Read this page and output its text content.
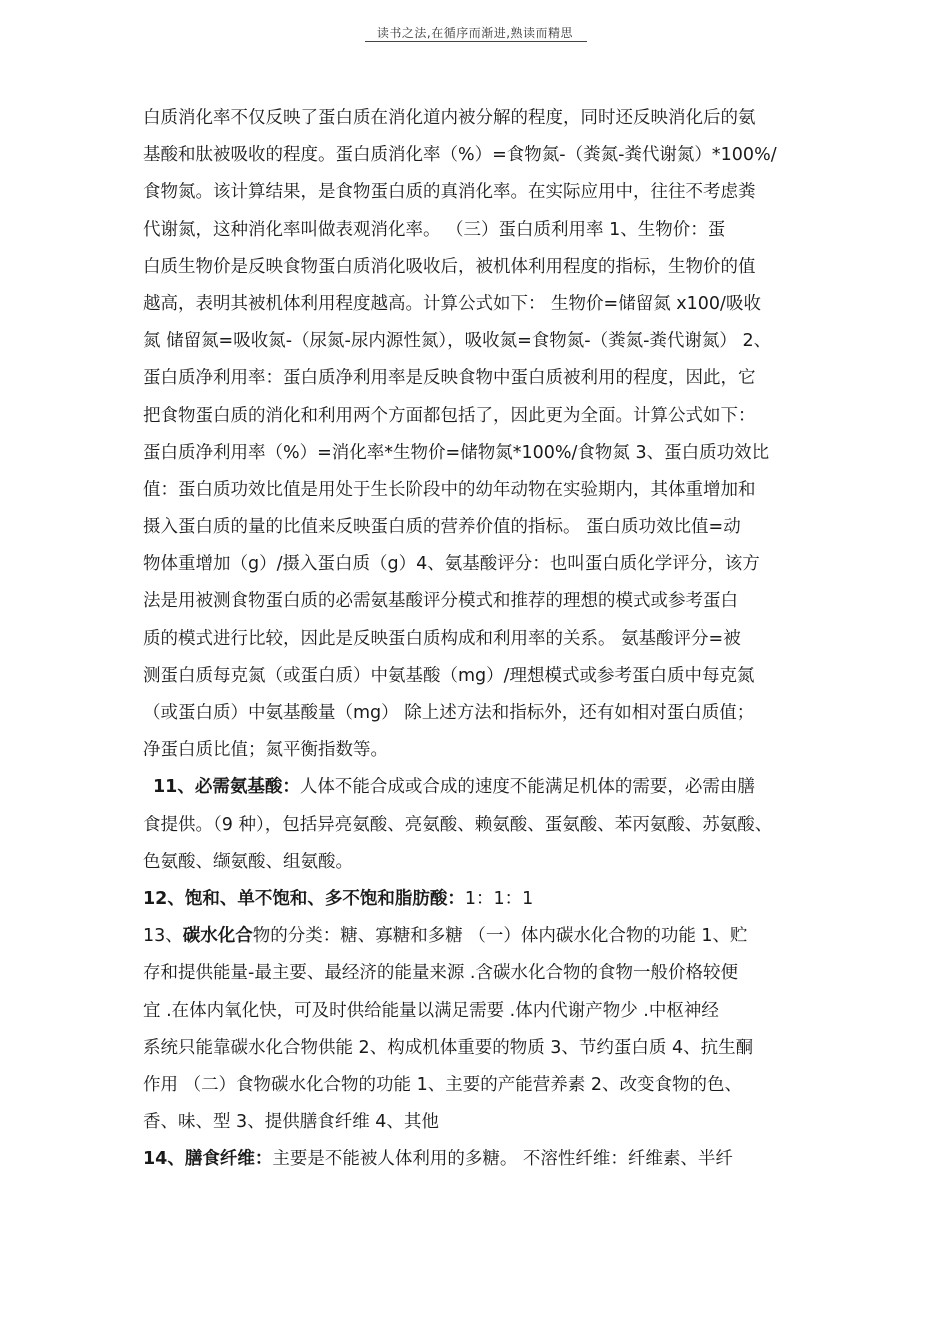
读书之法,在循序而渐进,熟读而精思
白质消化率不仅反映了蛋白质在消化道内被分解的程度，同时还反映消化后的氨
基酸和肽被吸收的程度。蛋白质消化率（%）=食物氮-（粪氮-粪代谢氮）*100%/
食物氮。该计算结果，是食物蛋白质的真消化率。在实际应用中，往往不考虑粪
代谢氮，这种消化率叫做表观消化率。 （三）蛋白质利用率 1、生物价：蛋
白质生物价是反映食物蛋白质消化吸收后，被机体利用程度的指标，生物价的值
越高，表明其被机体利用程度越高。计算公式如下： 生物价=储留氮 x100/吸收
氮 储留氮=吸收氮-（尿氮-尿内源性氮），吸收氮=食物氮-（粪氮-粪代谢氮） 2、
蛋白质净利用率：蛋白质净利用率是反映食物中蛋白质被利用的程度，因此，它
把食物蛋白质的消化和利用两个方面都包括了，因此更为全面。计算公式如下：
蛋白质净利用率（%）=消化率*生物价=储物氮*100%/食物氮 3、蛋白质功效比
值：蛋白质功效比值是用处于生长阶段中的幼年动物在实验期内，其体重增加和
摄入蛋白质的量的比值来反映蛋白质的营养价值的指标。 蛋白质功效比值=动
物体重增加（g）/摄入蛋白质（g）4、氨基酸评分：也叫蛋白质化学评分，该方
法是用被测食物蛋白质的必需氨基酸评分模式和推荐的理想的模式或参考蛋白
质的模式进行比较，因此是反映蛋白质构成和利用率的关系。 氨基酸评分=被
测蛋白质每克氮（或蛋白质）中氨基酸（mg）/理想模式或参考蛋白质中每克氮
（或蛋白质）中氨基酸量（mg） 除上述方法和指标外，还有如相对蛋白质值；
净蛋白质比值；氮平衡指数等。
11、必需氨基酸：人体不能合成或合成的速度不能满足机体的需要，必需由膳
食提供。（9 种），包括异亮氨酸、亮氨酸、赖氨酸、蛋氨酸、苯丙氨酸、苏氨酸、
色氨酸、缬氨酸、组氨酸。
12、饱和、单不饱和、多不饱和脂肪酸：1：1：1
13、碳水化合物的分类：糖、寡糖和多糖 （一）体内碳水化合物的功能 1、贮
存和提供能量-最主要、最经济的能量来源 .含碳水化合物的食物一般价格较便
宜 .在体内氧化快，可及时供给能量以满足需要 .体内代谢产物少 .中枢神经
系统只能靠碳水化合物供能 2、构成机体重要的物质 3、节约蛋白质 4、抗生酮
作用 （二）食物碳水化合物的功能 1、主要的产能营养素 2、改变食物的色、
香、味、型 3、提供膳食纤维 4、其他
14、膳食纤维：主要是不能被人体利用的多糖。 不溶性纤维：纤维素、半纤
